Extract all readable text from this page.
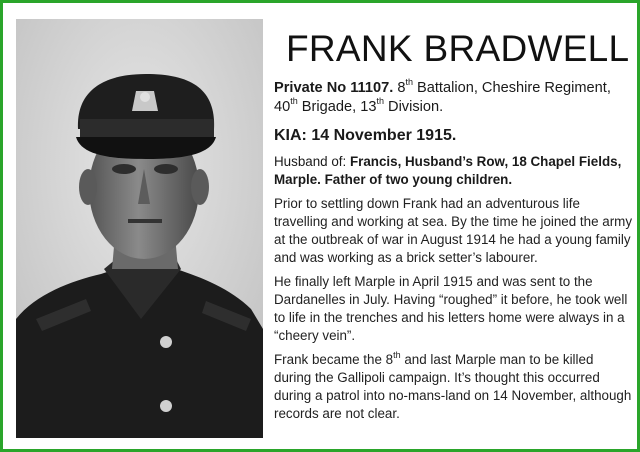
FRANK BRADWELL

Private No 11107. 8th Battalion, Cheshire Regiment, 40th Brigade, 13th Division.

KIA: 14 November 1915.

Husband of: Francis, Husband’s Row, 18 Chapel Fields, Marple. Father of two young children.

Prior to settling down Frank had an adventurous life travelling and working at sea. By the time he joined the army at the outbreak of war in August 1914 he had a young family and was working as a brick setter’s labourer.

He finally left Marple in April 1915 and was sent to the Dardanelles in July. Having “roughed” it before, he took well to life in the trenches and his letters home were always in a “cheery vein”.

Frank became the 8th and last Marple man to be killed during the Gallipoli campaign. It’s thought this occurred during a patrol into no-mans-land on 14 November, although records are not clear.
